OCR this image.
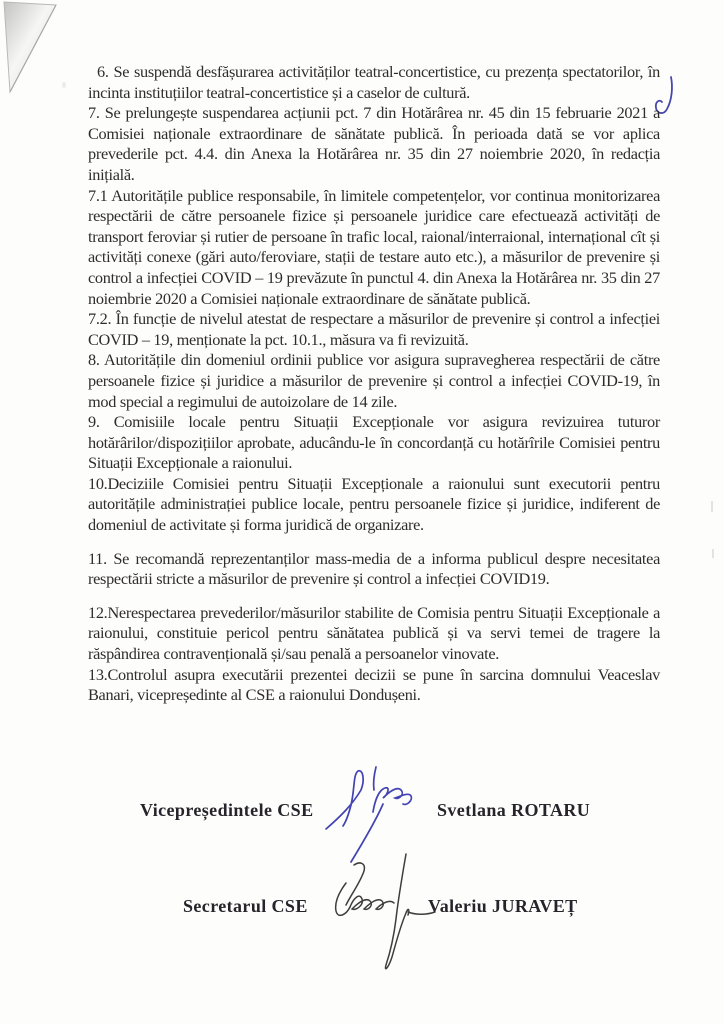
6. Se suspendă desfășurarea activităților teatral-concertistice, cu prezența spectatorilor, în incinta instituțiilor teatral-concertistice și a caselor de cultură.

7. Se prelungește suspendarea acțiunii pct. 7 din Hotărârea nr. 45 din 15 februarie 2021 a Comisiei naționale extraordinare de sănătate publică. În perioada dată se vor aplica prevederile pct. 4.4. din Anexa la Hotărârea nr. 35 din 27 noiembrie 2020, în redacția inițială.

7.1 Autoritățile publice responsabile, în limitele competențelor, vor continua monitorizarea respectării de către persoanele fizice și persoanele juridice care efectuează activități de transport feroviar și rutier de persoane în trafic local, raional/interraional, internațional cît și activități conexe (gări auto/feroviare, stații de testare auto etc.), a măsurilor de prevenire și control a infecției COVID – 19 prevăzute în punctul 4. din Anexa la Hotărârea nr. 35 din 27 noiembrie 2020 a Comisiei naționale extraordinare de sănătate publică.

7.2. În funcție de nivelul atestat de respectare a măsurilor de prevenire și control a infecției COVID – 19, menționate la pct. 10.1., măsura va fi revizuită.

8. Autoritățile din domeniul ordinii publice vor asigura supravegherea respectării de către persoanele fizice și juridice a măsurilor de prevenire și control a infecției COVID-19, în mod special a regimului de autoizolare de 14 zile.

9. Comisiile locale pentru Situații Excepționale vor asigura revizuirea tuturor hotărârilor/dispozițiilor aprobate, aducându-le în concordanță cu hotărîrile Comisiei pentru Situații Excepționale a raionului.

10.Deciziile Comisiei pentru Situații Excepționale a raionului sunt executorii pentru autoritățile administrației publice locale, pentru persoanele fizice și juridice, indiferent de domeniul de activitate și forma juridică de organizare.

11. Se recomandă reprezentanților mass-media de a informa publicul despre necesitatea respectării stricte a măsurilor de prevenire și control a infecției COVID19.

12.Nerespectarea prevederilor/măsurilor stabilite de Comisia pentru Situații Excepționale a raionului, constituie pericol pentru sănătatea publică și va servi temei de tragere la răspândirea contravențională și/sau penală a persoanelor vinovate.

13.Controlul asupra executării prezentei decizii se pune în sarcina domnului Veaceslav Banari, vicepreședinte al CSE a raionului Dondușeni.

Vicepreședintele CSE	Svetlana ROTARU
Secretarul CSE	Valeriu JURAVEȚ
